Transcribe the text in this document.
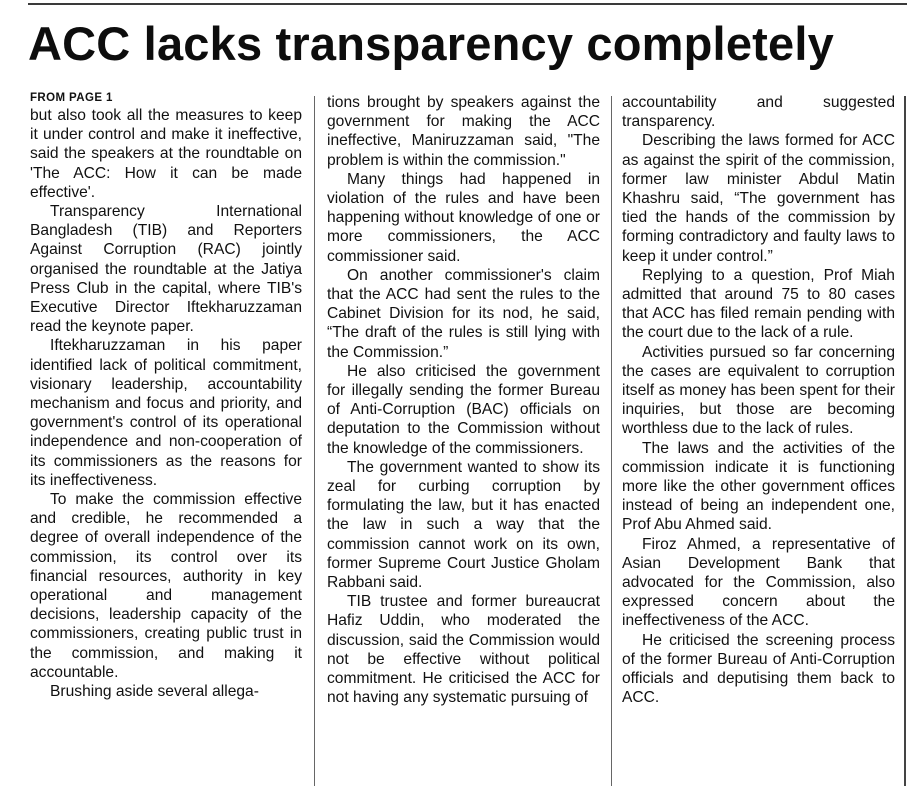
ACC lacks transparency completely
FROM PAGE 1

but also took all the measures to keep it under control and make it ineffective, said the speakers at the roundtable on 'The ACC: How it can be made effective'.

Transparency International Bangladesh (TIB) and Reporters Against Corruption (RAC) jointly organised the roundtable at the Jatiya Press Club in the capital, where TIB's Executive Director Iftekharuzzaman read the keynote paper.

Iftekharuzzaman in his paper identified lack of political commitment, visionary leadership, accountability mechanism and focus and priority, and government's control of its operational independence and non-cooperation of its commissioners as the reasons for its ineffectiveness.

To make the commission effective and credible, he recommended a degree of overall independence of the commission, its control over its financial resources, authority in key operational and management decisions, leadership capacity of the commissioners, creating public trust in the commission, and making it accountable.

Brushing aside several allega-

tions brought by speakers against the government for making the ACC ineffective, Maniruzzaman said, "The problem is within the commission."

Many things had happened in violation of the rules and have been happening without knowledge of one or more commissioners, the ACC commissioner said.

On another commissioner's claim that the ACC had sent the rules to the Cabinet Division for its nod, he said, “The draft of the rules is still lying with the Commission.”

He also criticised the government for illegally sending the former Bureau of Anti-Corruption (BAC) officials on deputation to the Commission without the knowledge of the commissioners.

The government wanted to show its zeal for curbing corruption by formulating the law, but it has enacted the law in such a way that the commission cannot work on its own, former Supreme Court Justice Gholam Rabbani said.

TIB trustee and former bureaucrat Hafiz Uddin, who moderated the discussion, said the Commission would not be effective without political commitment. He criticised the ACC for not having any systematic pursuing of

accountability and suggested transparency.

Describing the laws formed for ACC as against the spirit of the commission, former law minister Abdul Matin Khashru said, “The government has tied the hands of the commission by forming contradictory and faulty laws to keep it under control.”

Replying to a question, Prof Miah admitted that around 75 to 80 cases that ACC has filed remain pending with the court due to the lack of a rule.

Activities pursued so far concerning the cases are equivalent to corruption itself as money has been spent for their inquiries, but those are becoming worthless due to the lack of rules.

The laws and the activities of the commission indicate it is functioning more like the other government offices instead of being an independent one, Prof Abu Ahmed said.

Firoz Ahmed, a representative of Asian Development Bank that advocated for the Commission, also expressed concern about the ineffectiveness of the ACC.

He criticised the screening process of the former Bureau of Anti-Corruption officials and deputising them back to ACC.
